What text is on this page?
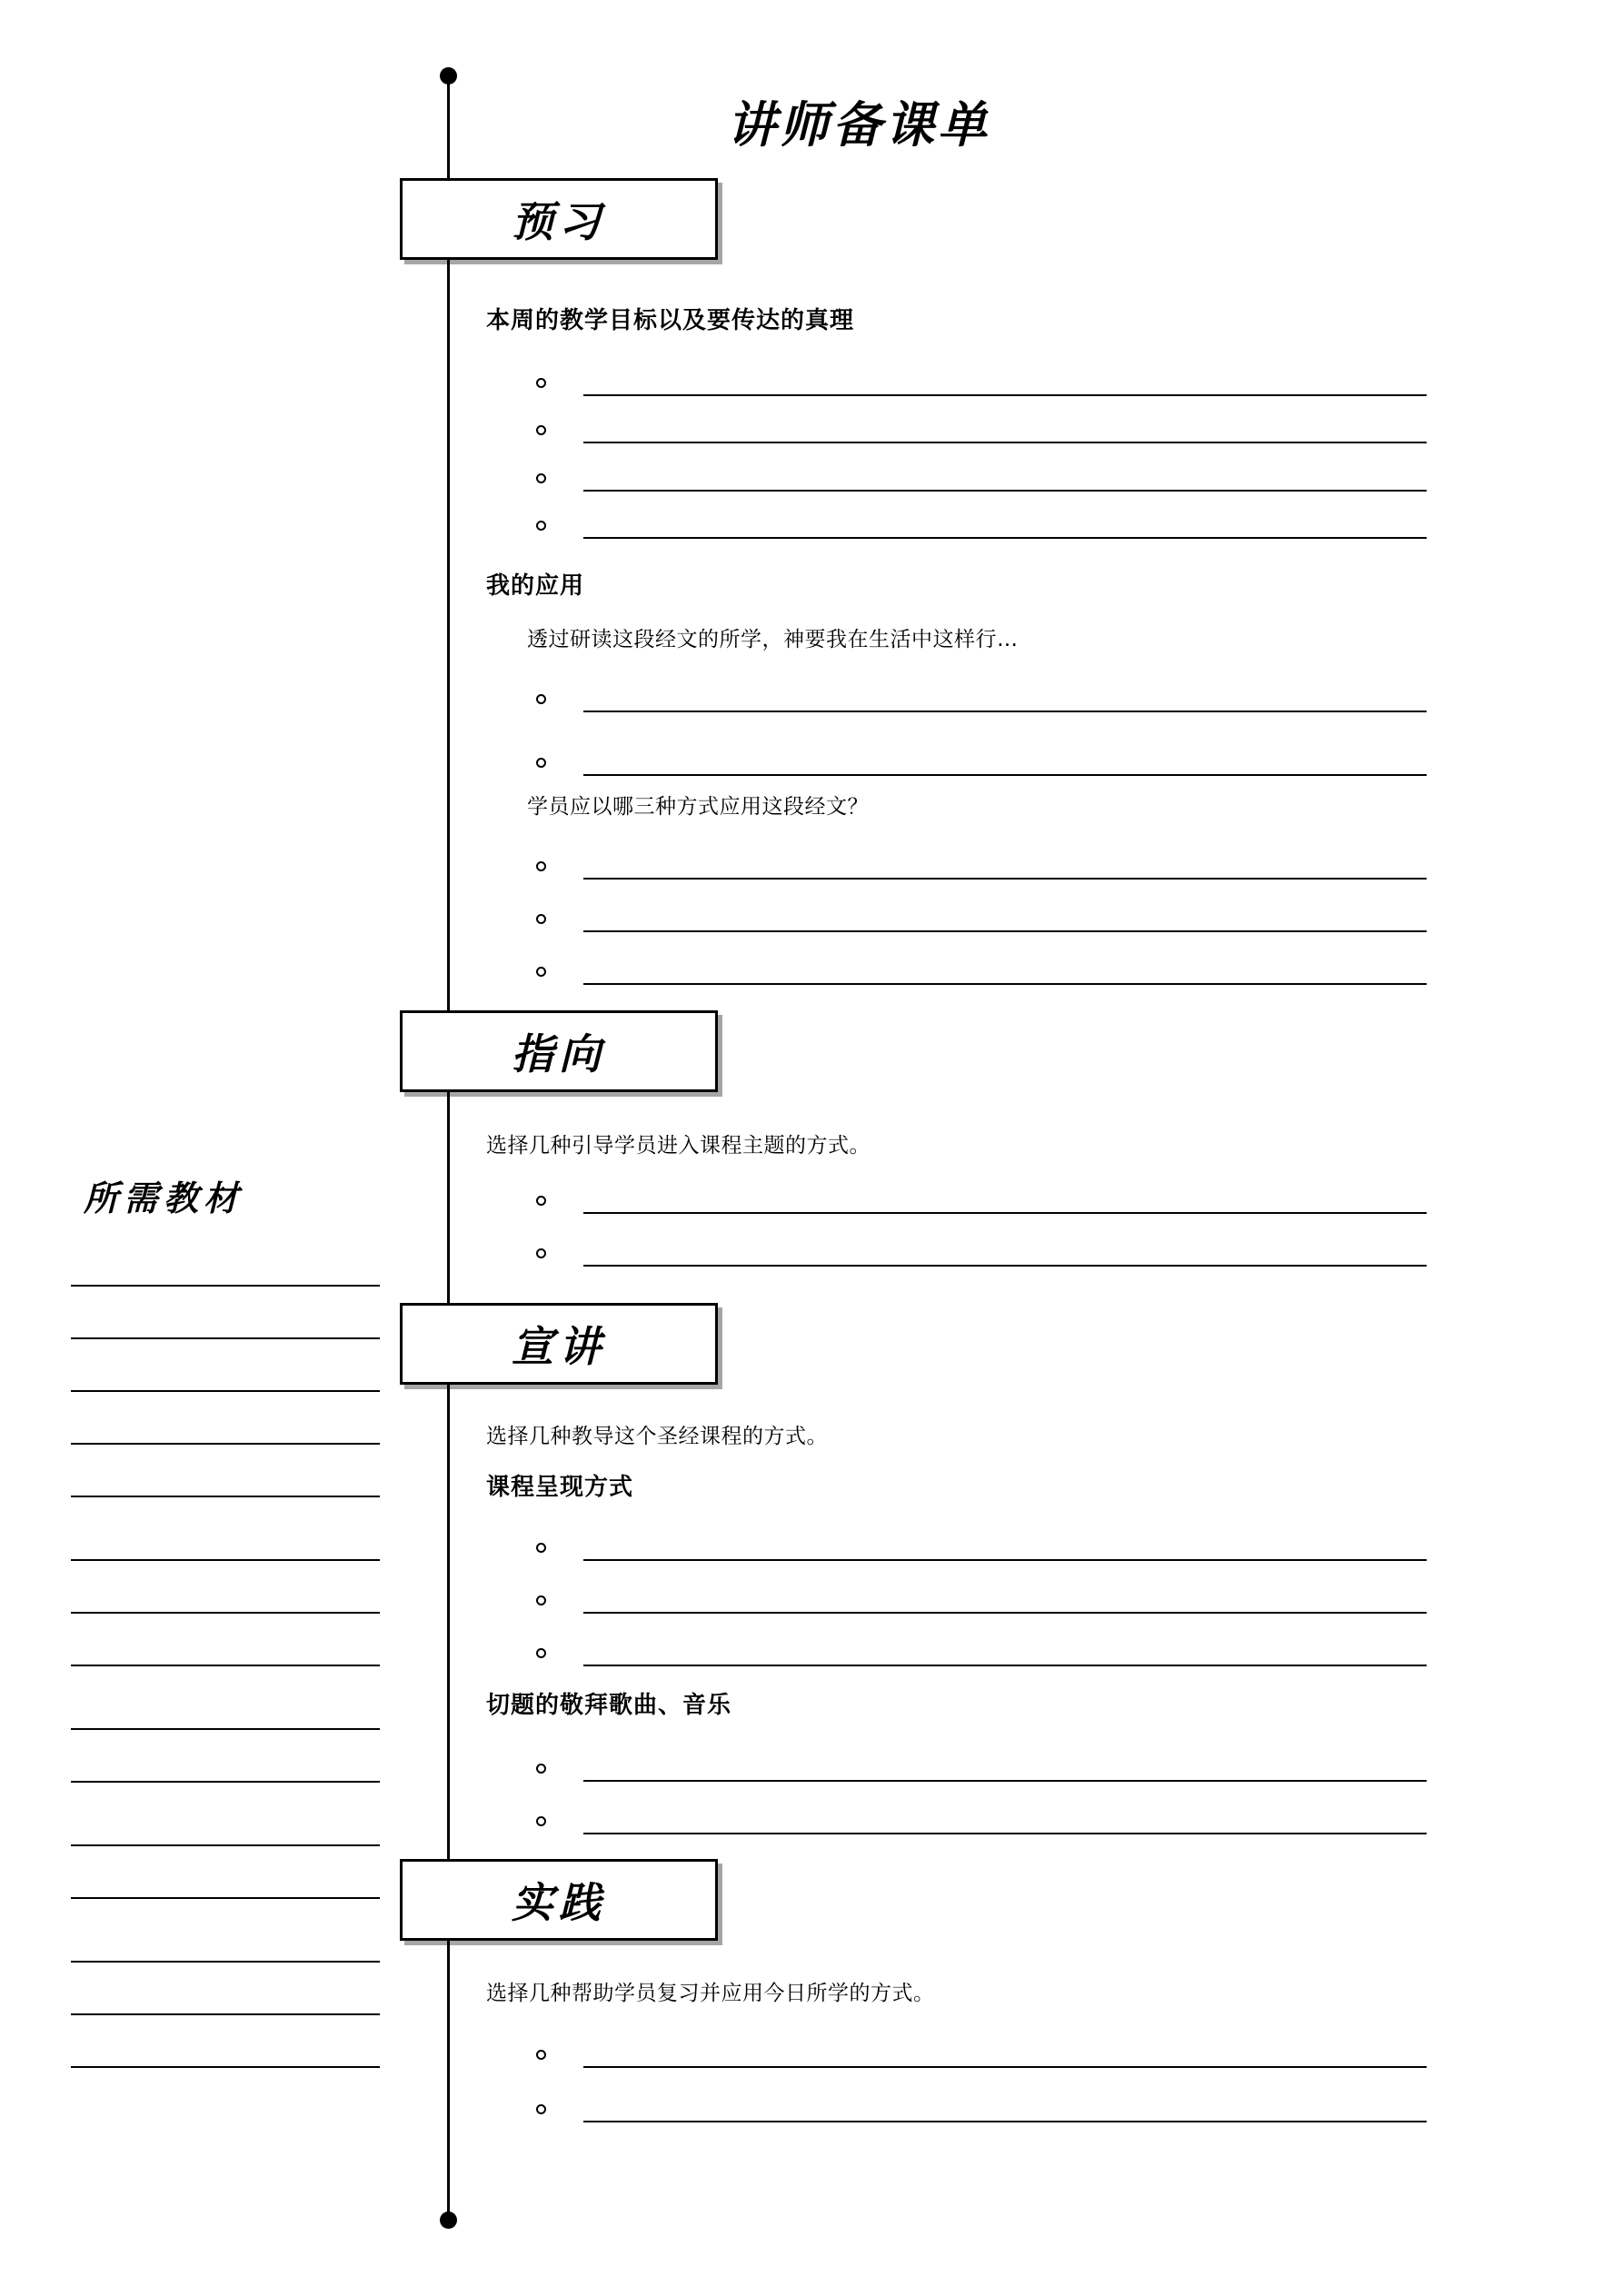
讲师备课单
预习
本周的教学目标以及要传达的真理
我的应用
透过研读这段经文的所学，神要我在生活中这样行…
学员应以哪三种方式应用这段经文？
指向
选择几种引导学员进入课程主题的方式。
宣讲
选择几种教导这个圣经课程的方式。
课程呈现方式
切题的敬拜歌曲、音乐
实践
选择几种帮助学员复习并应用今日所学的方式。
所需教材
